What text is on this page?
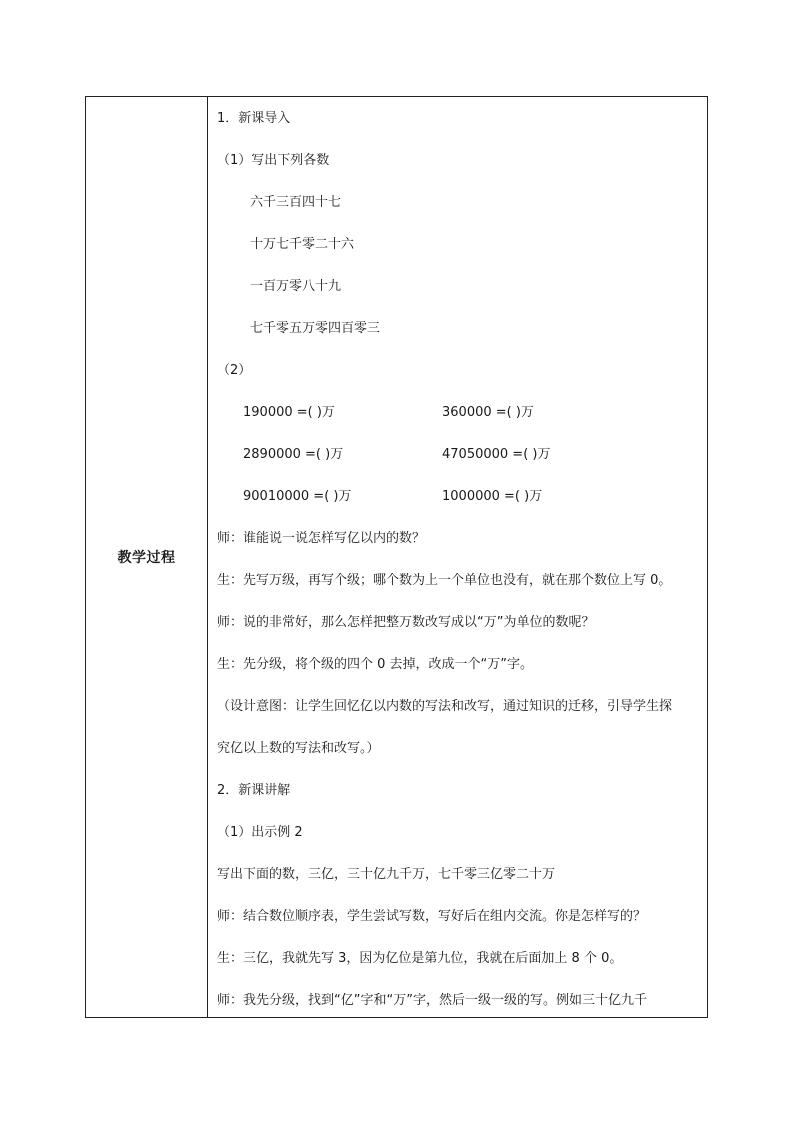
教学过程
1．新课导入
（1）写出下列各数
六千三百四十七
十万七千零二十六
一百万零八十九
七千零五万零四百零三
（2）
190000 =( )万	360000 =( )万
2890000 =( )万	47050000 =( )万
90010000 =( )万	1000000 =( )万
师：谁能说一说怎样写亿以内的数？
生：先写万级，再写个级；哪个数为上一个单位也没有，就在那个数位上写 0。
师：说的非常好，那么怎样把整万数改写成以“万”为单位的数呢？
生：先分级，将个级的四个 0 去掉，改成一个“万”字。
（设计意图：让学生回忆亿以内数的写法和改写，通过知识的迁移，引导学生探
究亿以上数的写法和改写。）
2．新课讲解
（1）出示例 2
写出下面的数，三亿，三十亿九千万，七千零三亿零二十万
师：结合数位顺序表，学生尝试写数，写好后在组内交流。你是怎样写的？
生：三亿，我就先写 3，因为亿位是第九位，我就在后面加上 8 个 0。
师：我先分级，找到“亿”字和“万”字，然后一级一级的写。例如三十亿九千
